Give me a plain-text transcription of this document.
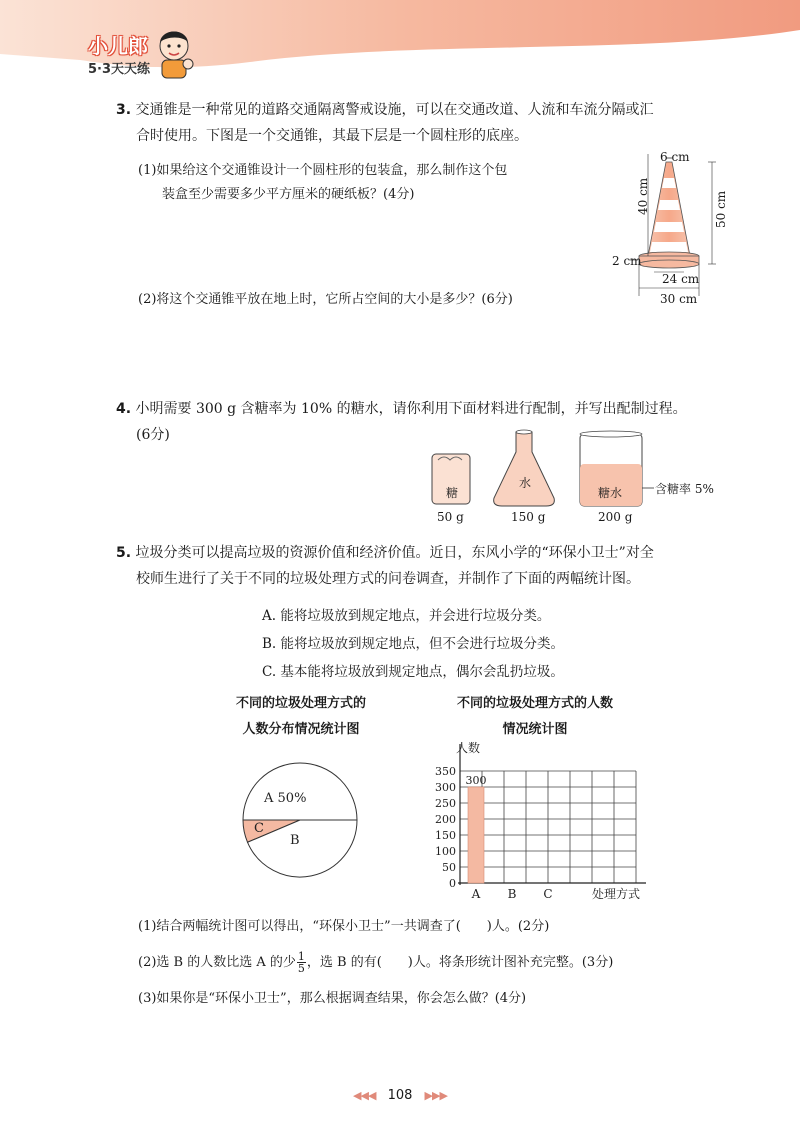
小儿郎
5·3天天练
3. 交通锥是一种常见的道路交通隔离警戒设施，可以在交通改道、人流和车流分隔或汇
合时使用。下图是一个交通锥，其最下层是一个圆柱形的底座。
(1)如果给这个交通锥设计一个圆柱形的包装盒，那么制作这个包
装盒至少需要多少平方厘米的硬纸板？(4分)
(2)将这个交通锥平放在地上时，它所占空间的大小是多少？(6分)
6 cm
40 cm	50 cm
2 cm
24 cm
30 cm
4. 小明需要 300 g 含糖率为 10% 的糖水，请你利用下面材料进行配制，并写出配制过程。
(6分)
糖
水
糖水	含糖率 5%
50 g	150 g	200 g
5. 垃圾分类可以提高垃圾的资源价值和经济价值。近日，东风小学的“环保小卫士”对全
校师生进行了关于不同的垃圾处理方式的问卷调查，并制作了下面的两幅统计图。
A. 能将垃圾放到规定地点，并会进行垃圾分类。
B. 能将垃圾放到规定地点，但不会进行垃圾分类。
C. 基本能将垃圾放到规定地点，偶尔会乱扔垃圾。
不同的垃圾处理方式的
人数分布情况统计图
不同的垃圾处理方式的人数
情况统计图
A 50%
C
B
0
50
100
150
200
250
300
350
300
A B C
人数
处理方式
(1)结合两幅统计图可以得出，“环保小卫士”一共调查了(　　)人。(2分)
(2)选 B 的人数比选 A 的少 $\frac{1}{5}$ ，选 B 的有(　　)人。将条形统计图补充完整。(3分)
(3)如果你是“环保小卫士”，那么根据调查结果，你会怎么做？(4分)
◀◀◀ 108 ▶▶▶
